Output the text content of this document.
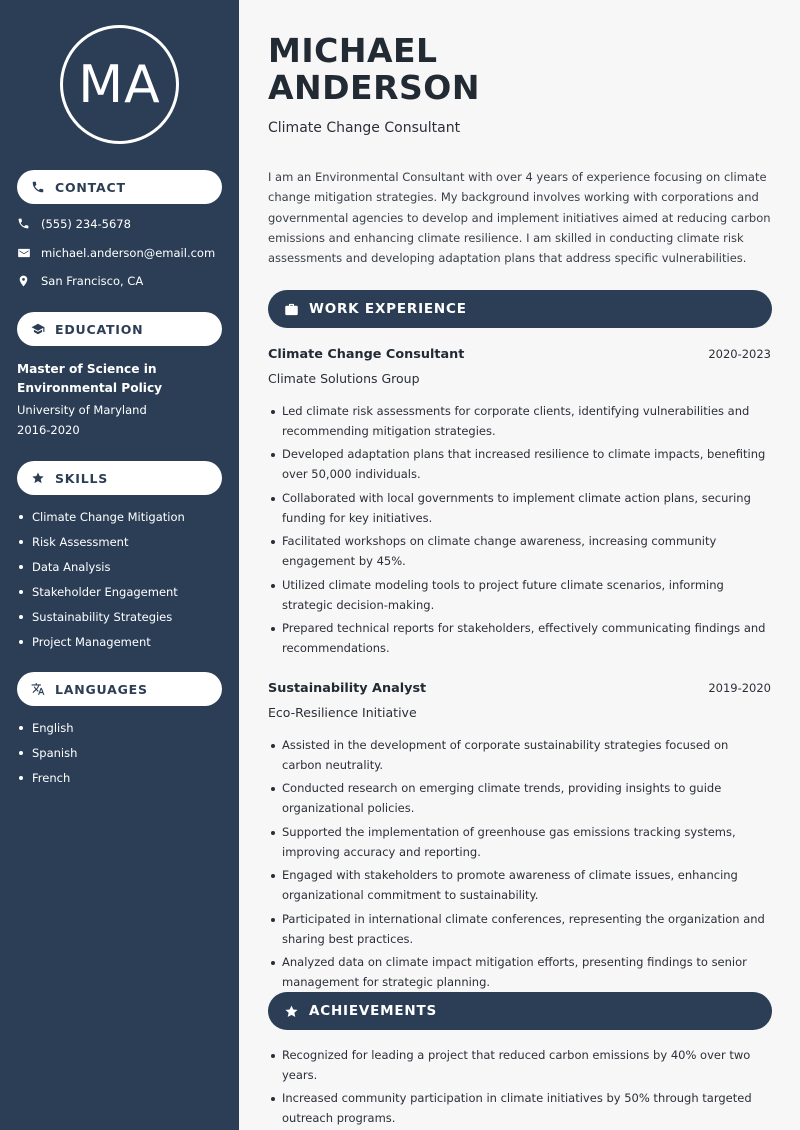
MA
CONTACT
(555) 234-5678
michael.anderson@email.com
San Francisco, CA
EDUCATION
Master of Science in Environmental Policy
University of Maryland
2016-2020
SKILLS
Climate Change Mitigation
Risk Assessment
Data Analysis
Stakeholder Engagement
Sustainability Strategies
Project Management
LANGUAGES
English
Spanish
French
MICHAEL
ANDERSON
Climate Change Consultant

I am an Environmental Consultant with over 4 years of experience focusing on climate change mitigation strategies. My background involves working with corporations and governmental agencies to develop and implement initiatives aimed at reducing carbon emissions and enhancing climate resilience. I am skilled in conducting climate risk assessments and developing adaptation plans that address specific vulnerabilities.

WORK EXPERIENCE
Climate Change Consultant	2020-2023
Climate Solutions Group
Led climate risk assessments for corporate clients, identifying vulnerabilities and recommending mitigation strategies.
Developed adaptation plans that increased resilience to climate impacts, benefiting over 50,000 individuals.
Collaborated with local governments to implement climate action plans, securing funding for key initiatives.
Facilitated workshops on climate change awareness, increasing community engagement by 45%.
Utilized climate modeling tools to project future climate scenarios, informing strategic decision-making.
Prepared technical reports for stakeholders, effectively communicating findings and recommendations.
Sustainability Analyst	2019-2020
Eco-Resilience Initiative
Assisted in the development of corporate sustainability strategies focused on carbon neutrality.
Conducted research on emerging climate trends, providing insights to guide organizational policies.
Supported the implementation of greenhouse gas emissions tracking systems, improving accuracy and reporting.
Engaged with stakeholders to promote awareness of climate issues, enhancing organizational commitment to sustainability.
Participated in international climate conferences, representing the organization and sharing best practices.
Analyzed data on climate impact mitigation efforts, presenting findings to senior management for strategic planning.
ACHIEVEMENTS
Recognized for leading a project that reduced carbon emissions by 40% over two years.
Increased community participation in climate initiatives by 50% through targeted outreach programs.
